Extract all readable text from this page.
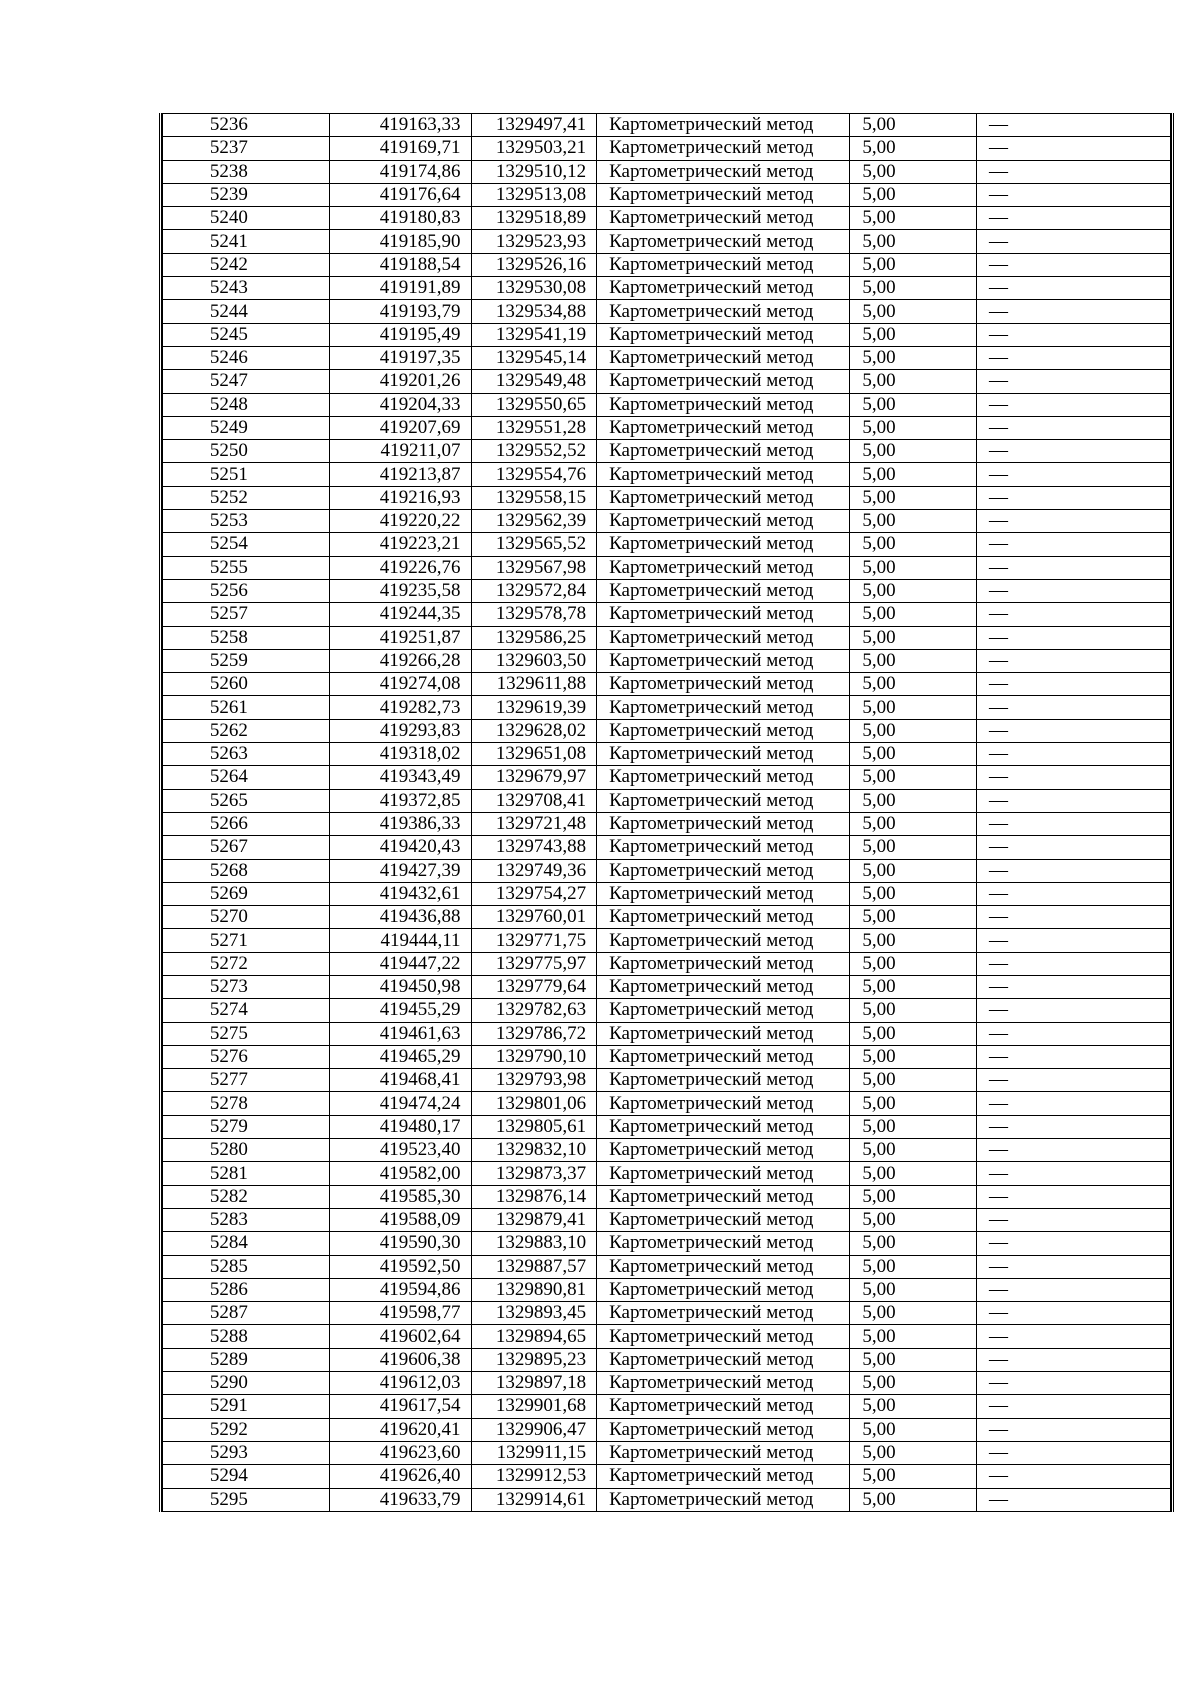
5236	419163,33	1329497,41	Картометрический метод	5,00	—
5237	419169,71	1329503,21	Картометрический метод	5,00	—
5238	419174,86	1329510,12	Картометрический метод	5,00	—
5239	419176,64	1329513,08	Картометрический метод	5,00	—
5240	419180,83	1329518,89	Картометрический метод	5,00	—
5241	419185,90	1329523,93	Картометрический метод	5,00	—
5242	419188,54	1329526,16	Картометрический метод	5,00	—
5243	419191,89	1329530,08	Картометрический метод	5,00	—
5244	419193,79	1329534,88	Картометрический метод	5,00	—
5245	419195,49	1329541,19	Картометрический метод	5,00	—
5246	419197,35	1329545,14	Картометрический метод	5,00	—
5247	419201,26	1329549,48	Картометрический метод	5,00	—
5248	419204,33	1329550,65	Картометрический метод	5,00	—
5249	419207,69	1329551,28	Картометрический метод	5,00	—
5250	419211,07	1329552,52	Картометрический метод	5,00	—
5251	419213,87	1329554,76	Картометрический метод	5,00	—
5252	419216,93	1329558,15	Картометрический метод	5,00	—
5253	419220,22	1329562,39	Картометрический метод	5,00	—
5254	419223,21	1329565,52	Картометрический метод	5,00	—
5255	419226,76	1329567,98	Картометрический метод	5,00	—
5256	419235,58	1329572,84	Картометрический метод	5,00	—
5257	419244,35	1329578,78	Картометрический метод	5,00	—
5258	419251,87	1329586,25	Картометрический метод	5,00	—
5259	419266,28	1329603,50	Картометрический метод	5,00	—
5260	419274,08	1329611,88	Картометрический метод	5,00	—
5261	419282,73	1329619,39	Картометрический метод	5,00	—
5262	419293,83	1329628,02	Картометрический метод	5,00	—
5263	419318,02	1329651,08	Картометрический метод	5,00	—
5264	419343,49	1329679,97	Картометрический метод	5,00	—
5265	419372,85	1329708,41	Картометрический метод	5,00	—
5266	419386,33	1329721,48	Картометрический метод	5,00	—
5267	419420,43	1329743,88	Картометрический метод	5,00	—
5268	419427,39	1329749,36	Картометрический метод	5,00	—
5269	419432,61	1329754,27	Картометрический метод	5,00	—
5270	419436,88	1329760,01	Картометрический метод	5,00	—
5271	419444,11	1329771,75	Картометрический метод	5,00	—
5272	419447,22	1329775,97	Картометрический метод	5,00	—
5273	419450,98	1329779,64	Картометрический метод	5,00	—
5274	419455,29	1329782,63	Картометрический метод	5,00	—
5275	419461,63	1329786,72	Картометрический метод	5,00	—
5276	419465,29	1329790,10	Картометрический метод	5,00	—
5277	419468,41	1329793,98	Картометрический метод	5,00	—
5278	419474,24	1329801,06	Картометрический метод	5,00	—
5279	419480,17	1329805,61	Картометрический метод	5,00	—
5280	419523,40	1329832,10	Картометрический метод	5,00	—
5281	419582,00	1329873,37	Картометрический метод	5,00	—
5282	419585,30	1329876,14	Картометрический метод	5,00	—
5283	419588,09	1329879,41	Картометрический метод	5,00	—
5284	419590,30	1329883,10	Картометрический метод	5,00	—
5285	419592,50	1329887,57	Картометрический метод	5,00	—
5286	419594,86	1329890,81	Картометрический метод	5,00	—
5287	419598,77	1329893,45	Картометрический метод	5,00	—
5288	419602,64	1329894,65	Картометрический метод	5,00	—
5289	419606,38	1329895,23	Картометрический метод	5,00	—
5290	419612,03	1329897,18	Картометрический метод	5,00	—
5291	419617,54	1329901,68	Картометрический метод	5,00	—
5292	419620,41	1329906,47	Картометрический метод	5,00	—
5293	419623,60	1329911,15	Картометрический метод	5,00	—
5294	419626,40	1329912,53	Картометрический метод	5,00	—
5295	419633,79	1329914,61	Картометрический метод	5,00	—
